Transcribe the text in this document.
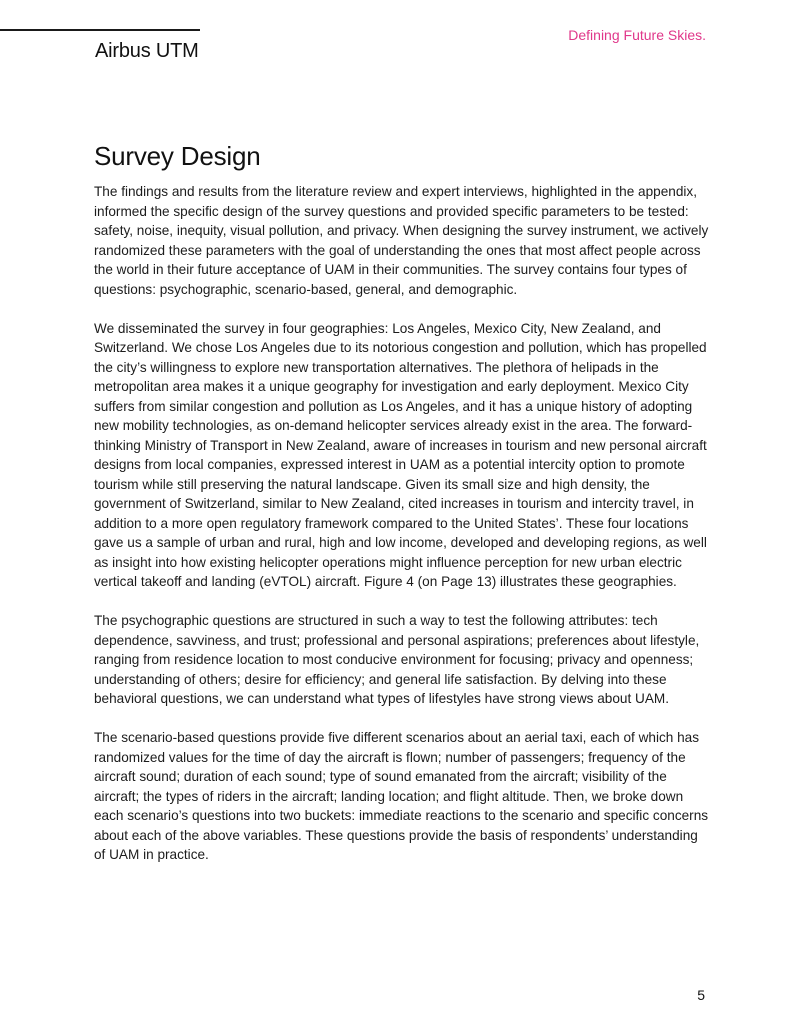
Airbus UTM
Defining Future Skies.
Survey Design

The findings and results from the literature review and expert interviews, highlighted in the appendix, informed the specific design of the survey questions and provided specific parameters to be tested: safety, noise, inequity, visual pollution, and privacy. When designing the survey instrument, we actively randomized these parameters with the goal of understanding the ones that most affect people across the world in their future acceptance of UAM in their communities. The survey contains four types of questions: psychographic, scenario-based, general, and demographic.

We disseminated the survey in four geographies: Los Angeles, Mexico City, New Zealand, and Switzerland. We chose Los Angeles due to its notorious congestion and pollution, which has propelled the city’s willingness to explore new transportation alternatives. The plethora of helipads in the metropolitan area makes it a unique geography for investigation and early deployment. Mexico City suffers from similar congestion and pollution as Los Angeles, and it has a unique history of adopting new mobility technologies, as on-demand helicopter services already exist in the area. The forward-thinking Ministry of Transport in New Zealand, aware of increases in tourism and new personal aircraft designs from local companies, expressed interest in UAM as a potential intercity option to promote tourism while still preserving the natural landscape. Given its small size and high density, the government of Switzerland, similar to New Zealand, cited increases in tourism and intercity travel, in addition to a more open regulatory framework compared to the United States’. These four locations gave us a sample of urban and rural, high and low income, developed and developing regions, as well as insight into how existing helicopter operations might influence perception for new urban electric vertical takeoff and landing (eVTOL) aircraft. Figure 4 (on Page 13) illustrates these geographies.

The psychographic questions are structured in such a way to test the following attributes: tech dependence, savviness, and trust; professional and personal aspirations; preferences about lifestyle, ranging from residence location to most conducive environment for focusing; privacy and openness; understanding of others; desire for efficiency; and general life satisfaction. By delving into these behavioral questions, we can understand what types of lifestyles have strong views about UAM.

The scenario-based questions provide five different scenarios about an aerial taxi, each of which has randomized values for the time of day the aircraft is flown; number of passengers; frequency of the aircraft sound; duration of each sound; type of sound emanated from the aircraft; visibility of the aircraft; the types of riders in the aircraft; landing location; and flight altitude. Then, we broke down each scenario’s questions into two buckets: immediate reactions to the scenario and specific concerns about each of the above variables. These questions provide the basis of respondents’ understanding of UAM in practice.

5
